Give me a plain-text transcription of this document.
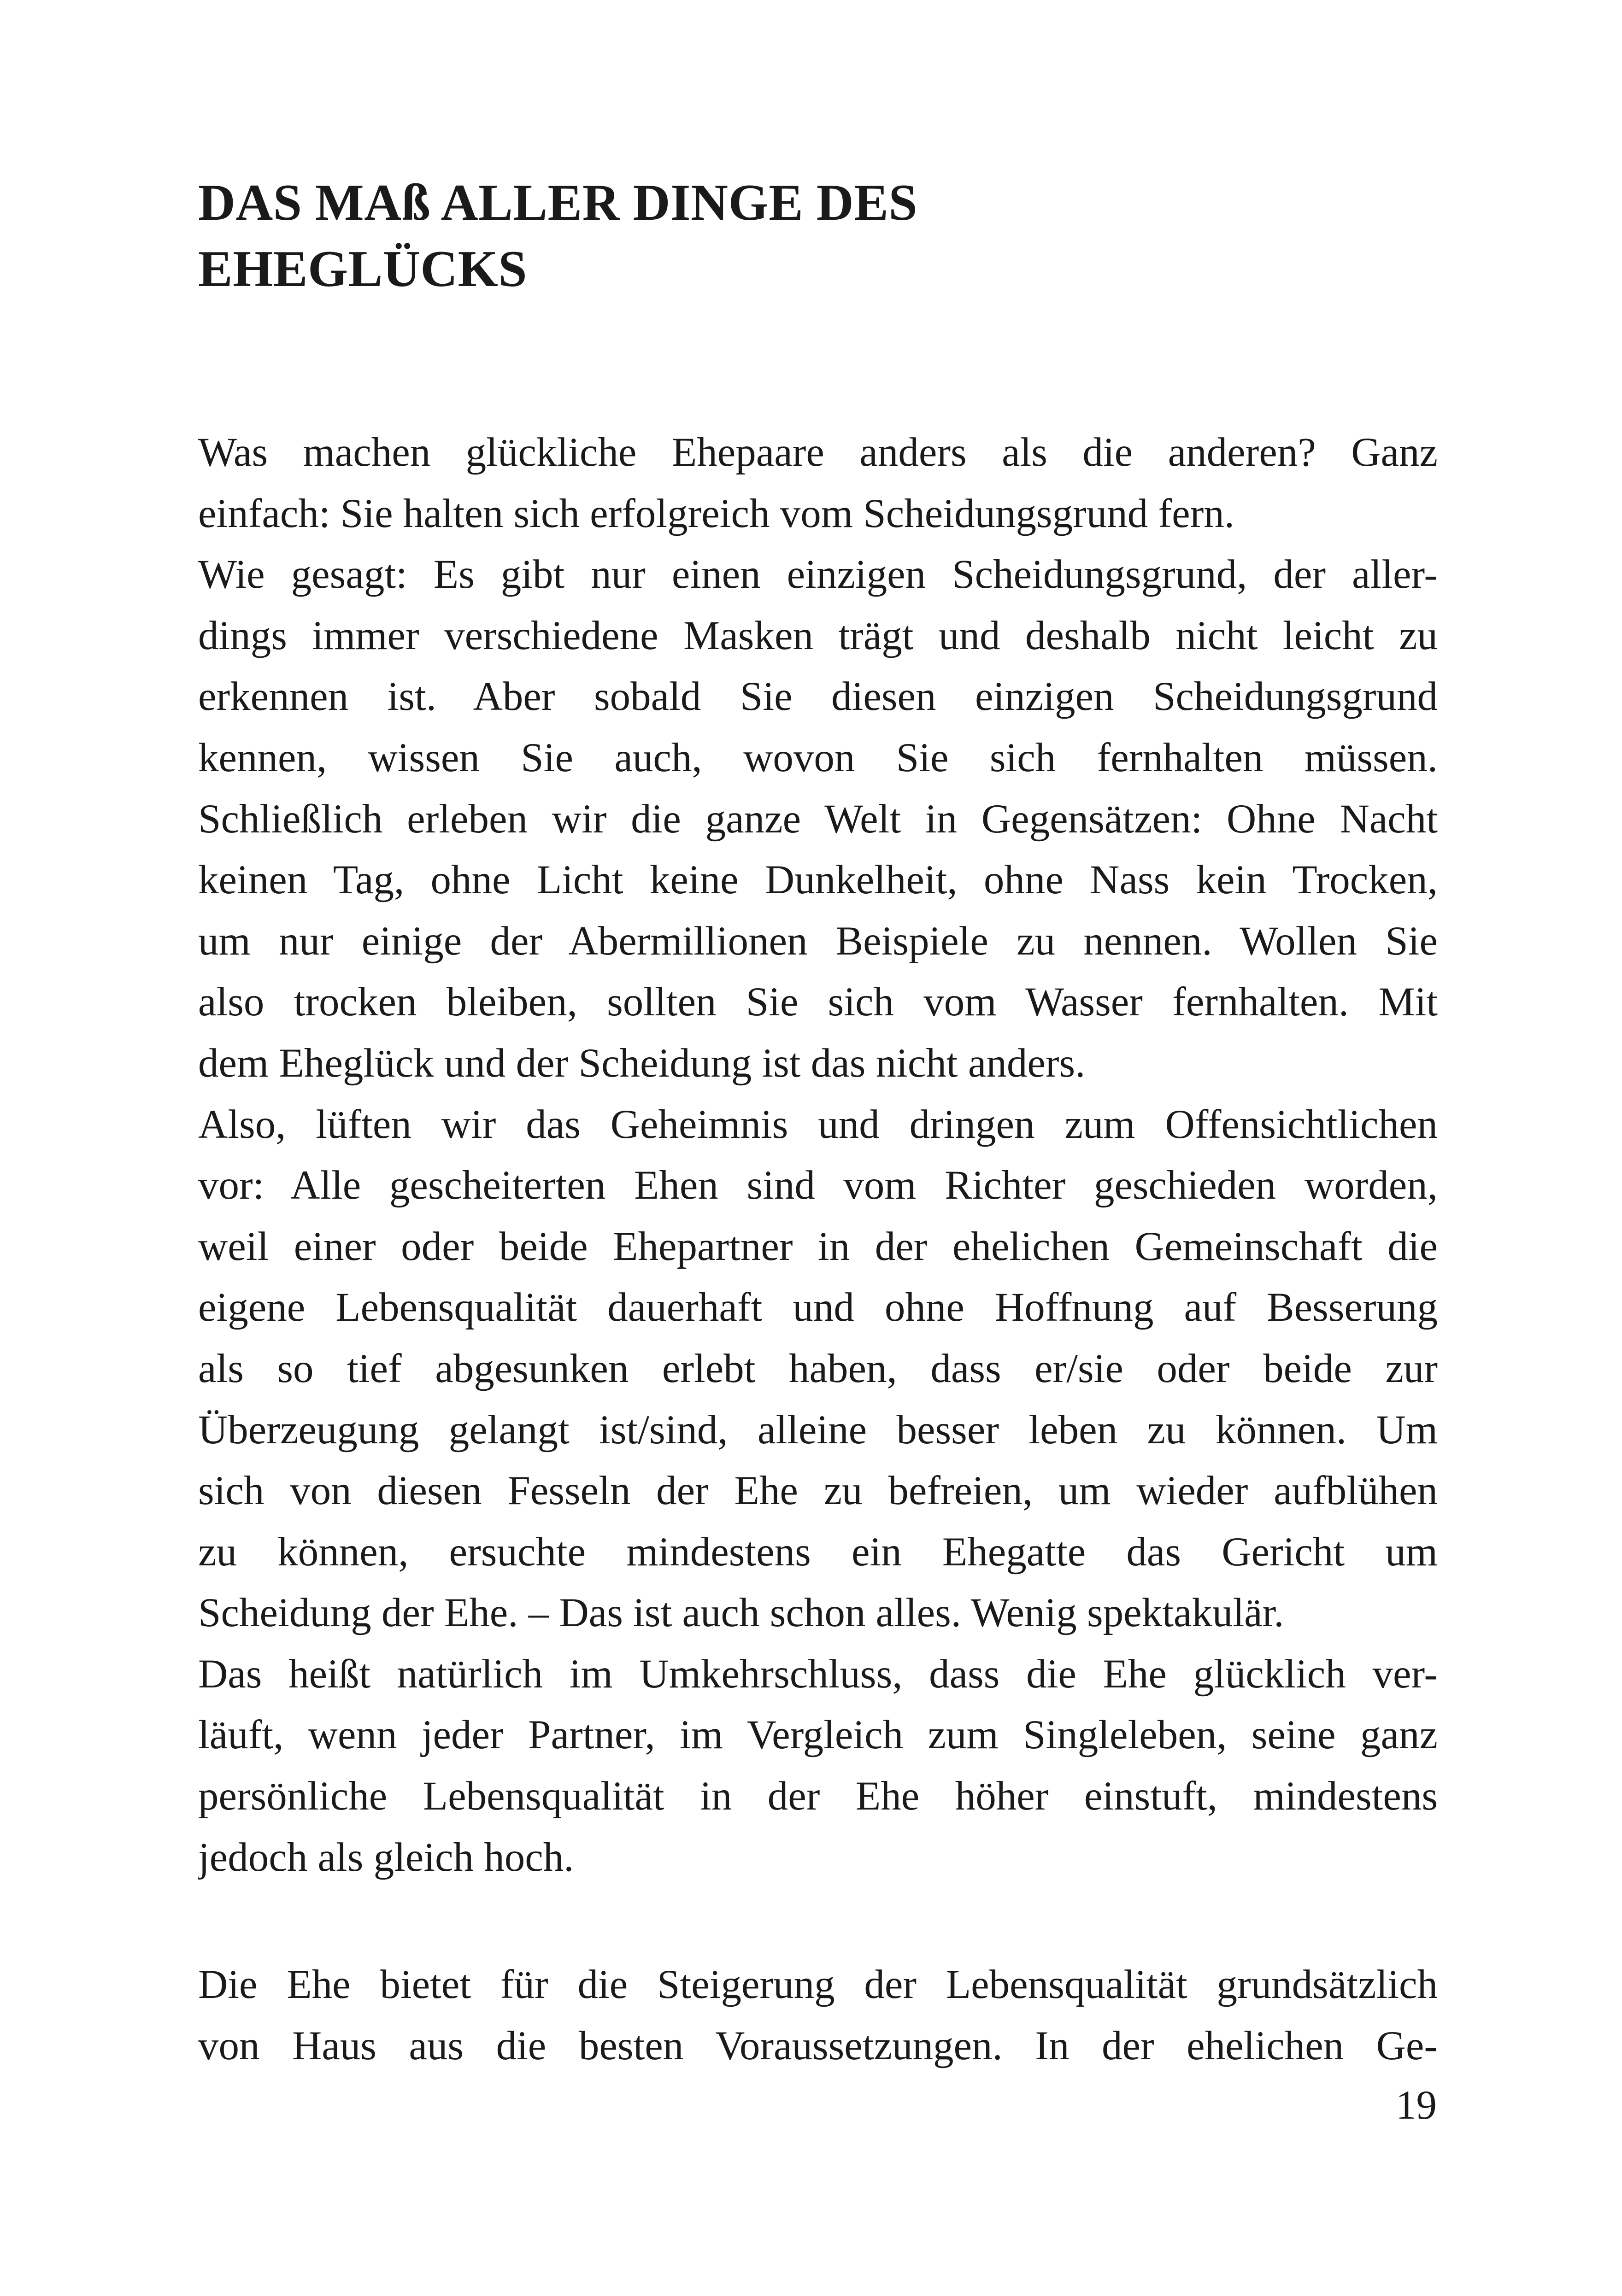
DAS MAß ALLER DINGE DES
EHEGLÜCKS
Was machen glückliche Ehepaare anders als die anderen? Ganz
einfach: Sie halten sich erfolgreich vom Scheidungsgrund fern.
Wie gesagt: Es gibt nur einen einzigen Scheidungsgrund, der aller-
dings immer verschiedene Masken trägt und deshalb nicht leicht zu
erkennen ist. Aber sobald Sie diesen einzigen Scheidungsgrund
kennen, wissen Sie auch, wovon Sie sich fernhalten müssen.
Schließlich erleben wir die ganze Welt in Gegensätzen: Ohne Nacht
keinen Tag, ohne Licht keine Dunkelheit, ohne Nass kein Trocken,
um nur einige der Abermillionen Beispiele zu nennen. Wollen Sie
also trocken bleiben, sollten Sie sich vom Wasser fernhalten. Mit
dem Eheglück und der Scheidung ist das nicht anders.
Also, lüften wir das Geheimnis und dringen zum Offensichtlichen
vor: Alle gescheiterten Ehen sind vom Richter geschieden worden,
weil einer oder beide Ehepartner in der ehelichen Gemeinschaft die
eigene Lebensqualität dauerhaft und ohne Hoffnung auf Besserung
als so tief abgesunken erlebt haben, dass er/sie oder beide zur
Überzeugung gelangt ist/sind, alleine besser leben zu können. Um
sich von diesen Fesseln der Ehe zu befreien, um wieder aufblühen
zu können, ersuchte mindestens ein Ehegatte das Gericht um
Scheidung der Ehe. – Das ist auch schon alles. Wenig spektakulär.
Das heißt natürlich im Umkehrschluss, dass die Ehe glücklich ver-
läuft, wenn jeder Partner, im Vergleich zum Singleleben, seine ganz
persönliche Lebensqualität in der Ehe höher einstuft, mindestens
jedoch als gleich hoch.
Die Ehe bietet für die Steigerung der Lebensqualität grundsätzlich
von Haus aus die besten Voraussetzungen. In der ehelichen Ge-

19
